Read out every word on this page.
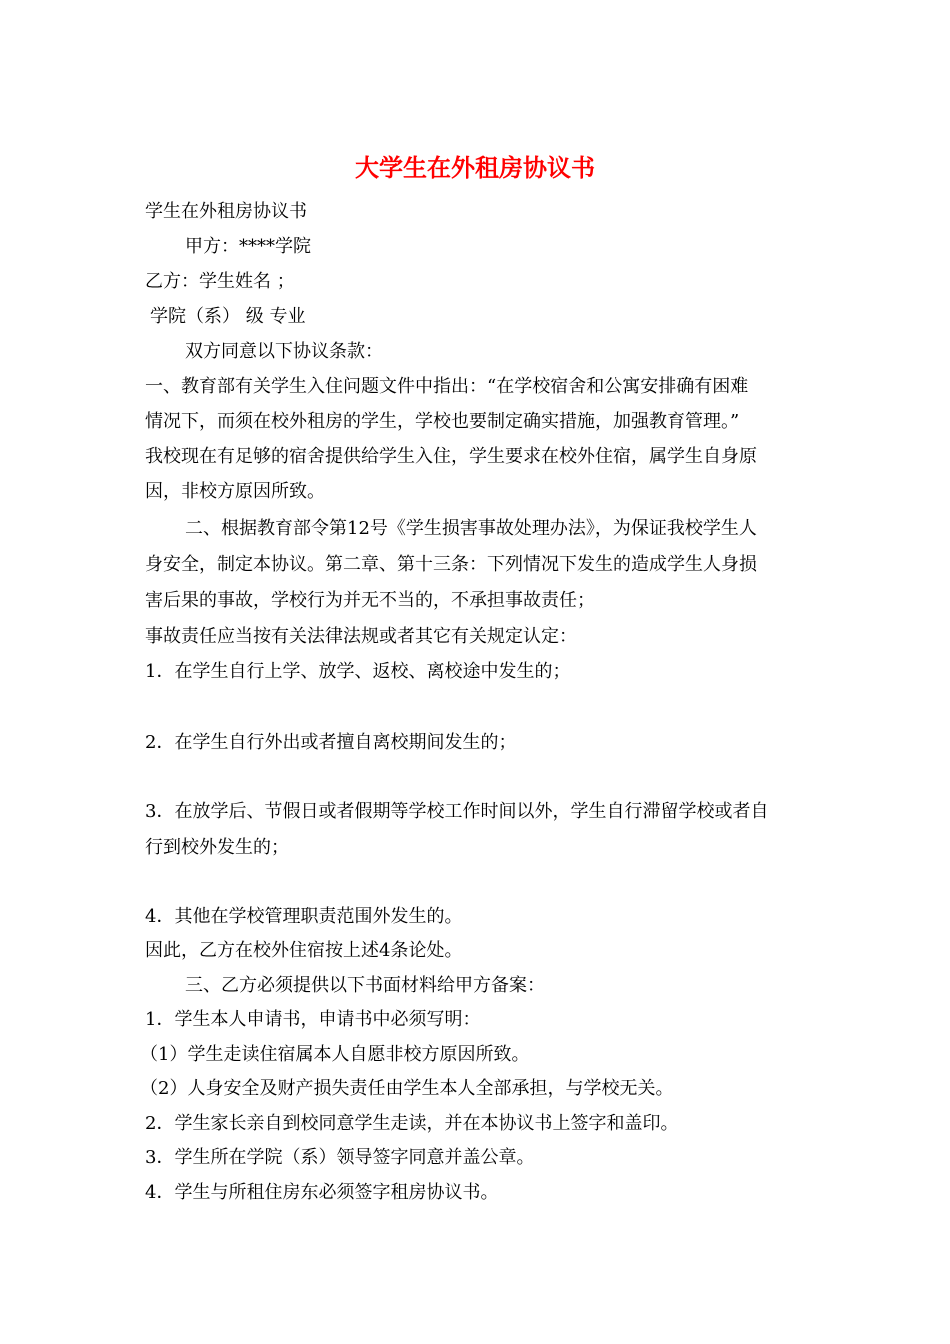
大学生在外租房协议书
学生在外租房协议书
甲方：****学院
乙方：学生姓名 ；
学院（系） 级 专业
双方同意以下协议条款：
一、教育部有关学生入住问题文件中指出：“在学校宿舍和公寓安排确有困难
情况下，而须在校外租房的学生，学校也要制定确实措施，加强教育管理。”
我校现在有足够的宿舍提供给学生入住，学生要求在校外住宿，属学生自身原
因，非校方原因所致。
二、根据教育部令第12号《学生损害事故处理办法》，为保证我校学生人
身安全，制定本协议。第二章、第十三条：下列情况下发生的造成学生人身损
害后果的事故，学校行为并无不当的，不承担事故责任；
事故责任应当按有关法律法规或者其它有关规定认定：
1．在学生自行上学、放学、返校、离校途中发生的；
2．在学生自行外出或者擅自离校期间发生的；
3．在放学后、节假日或者假期等学校工作时间以外，学生自行滞留学校或者自
行到校外发生的；
4．其他在学校管理职责范围外发生的。
因此，乙方在校外住宿按上述4条论处。
三、乙方必须提供以下书面材料给甲方备案：
1．学生本人申请书，申请书中必须写明：
（1）学生走读住宿属本人自愿非校方原因所致。
（2）人身安全及财产损失责任由学生本人全部承担，与学校无关。
2．学生家长亲自到校同意学生走读，并在本协议书上签字和盖印。
3．学生所在学院（系）领导签字同意并盖公章。
4．学生与所租住房东必须签字租房协议书。
